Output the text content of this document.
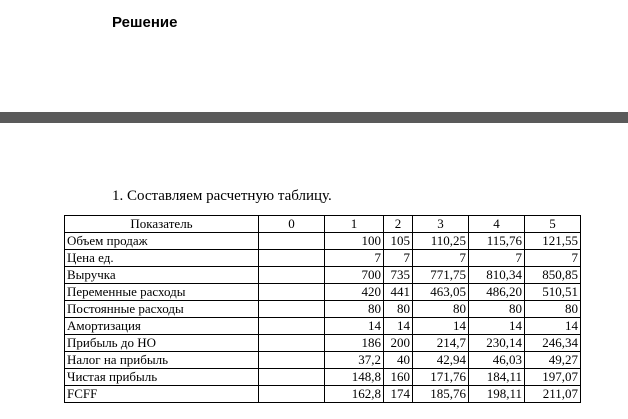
Решение
1. Составляем расчетную таблицу.
Показатель	0	1	2	3	4	5
Объем продаж		100	105	110,25	115,76	121,55
Цена ед.		7	7	7	7	7
Выручка		700	735	771,75	810,34	850,85
Переменные расходы		420	441	463,05	486,20	510,51
Постоянные расходы		80	80	80	80	80
Амортизация		14	14	14	14	14
Прибыль до НО		186	200	214,7	230,14	246,34
Налог на прибыль		37,2	40	42,94	46,03	49,27
Чистая прибыль		148,8	160	171,76	184,11	197,07
FCFF		162,8	174	185,76	198,11	211,07
